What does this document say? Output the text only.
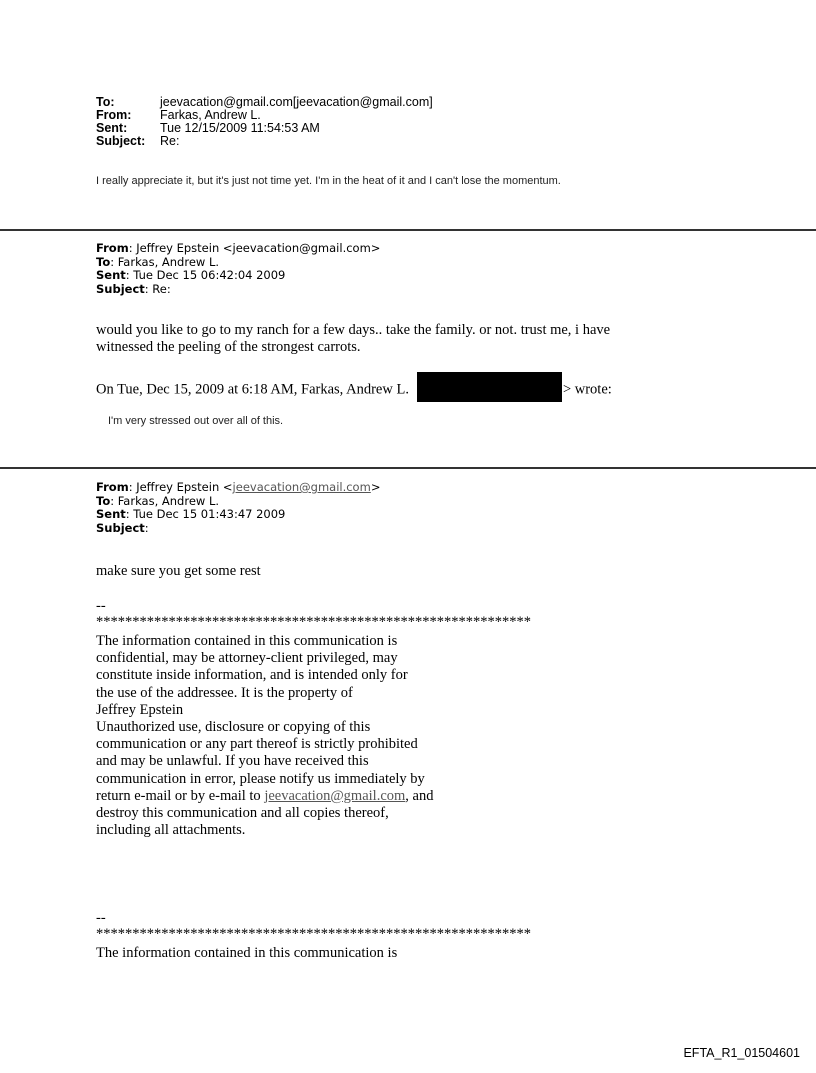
To:	jeevacation@gmail.com[jeevacation@gmail.com]
From:	Farkas, Andrew L.
Sent:	Tue 12/15/2009 11:54:53 AM
Subject:	Re:
I really appreciate it, but it's just not time yet. I'm in the heat of it and I can't lose the momentum.
From: Jeffrey Epstein <jeevacation@gmail.com>
To: Farkas, Andrew L.
Sent: Tue Dec 15 06:42:04 2009
Subject: Re:
would you like to go to my ranch for a few days.. take the family. or not. trust me, i have
witnessed the peeling of the strongest carrots.
On Tue, Dec 15, 2009 at 6:18 AM, Farkas, Andrew L.	> wrote:
I'm very stressed out over all of this.
From: Jeffrey Epstein <jeevacation@gmail.com>
To: Farkas, Andrew L.
Sent: Tue Dec 15 01:43:47 2009
Subject:
make sure you get some rest
--
************************************************************
The information contained in this communication is
confidential, may be attorney-client privileged, may
constitute inside information, and is intended only for
the use of the addressee. It is the property of
Jeffrey Epstein
Unauthorized use, disclosure or copying of this
communication or any part thereof is strictly prohibited
and may be unlawful. If you have received this
communication in error, please notify us immediately by
return e-mail or by e-mail to jeevacation@gmail.com, and
destroy this communication and all copies thereof,
including all attachments.
--
************************************************************
The information contained in this communication is
EFTA_R1_01504601
